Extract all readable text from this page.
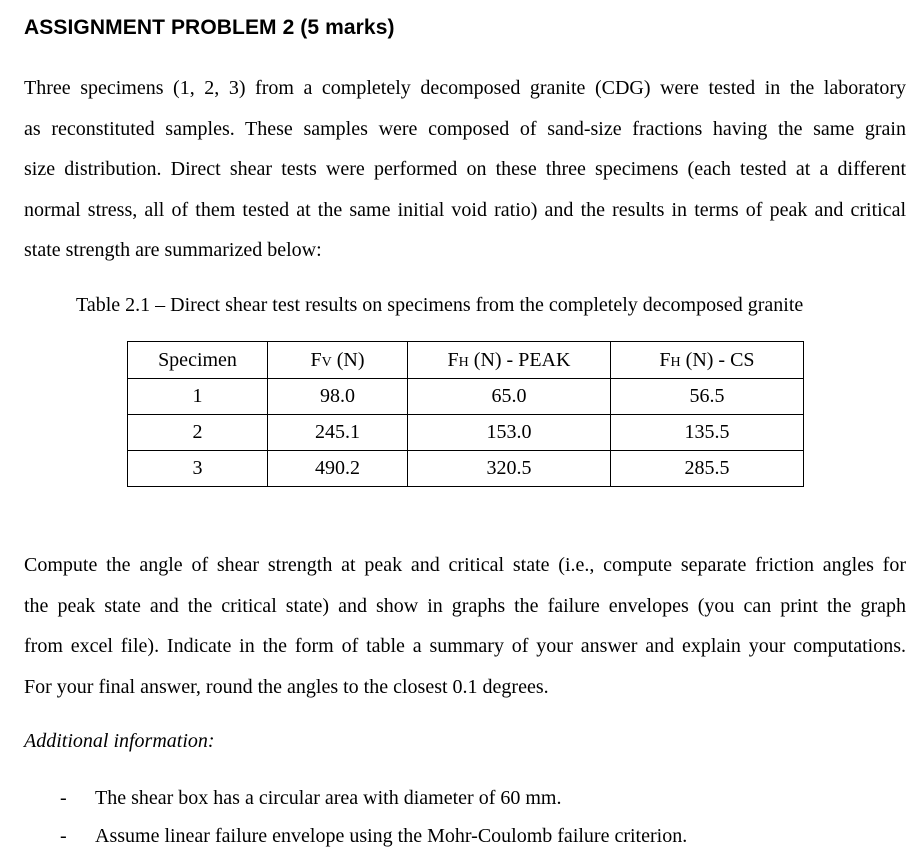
ASSIGNMENT PROBLEM 2 (5 marks)

Three specimens (1, 2, 3) from a completely decomposed granite (CDG) were tested in the laboratory
as reconstituted samples. These samples were composed of sand-size fractions having the same grain
size distribution. Direct shear tests were performed on these three specimens (each tested at a different
normal stress, all of them tested at the same initial void ratio) and the results in terms of peak and critical
state strength are summarized below:

Table 2.1 – Direct shear test results on specimens from the completely decomposed granite

Specimen	FV (N)	FH (N) - PEAK	FH (N) - CS
1	98.0	65.0	56.5
2	245.1	153.0	135.5
3	490.2	320.5	285.5

Compute the angle of shear strength at peak and critical state (i.e., compute separate friction angles for
the peak state and the critical state) and show in graphs the failure envelopes (you can print the graph
from excel file). Indicate in the form of table a summary of your answer and explain your computations.
For your final answer, round the angles to the closest 0.1 degrees.

Additional information:

- The shear box has a circular area with diameter of 60 mm.
- Assume linear failure envelope using the Mohr-Coulomb failure criterion.
